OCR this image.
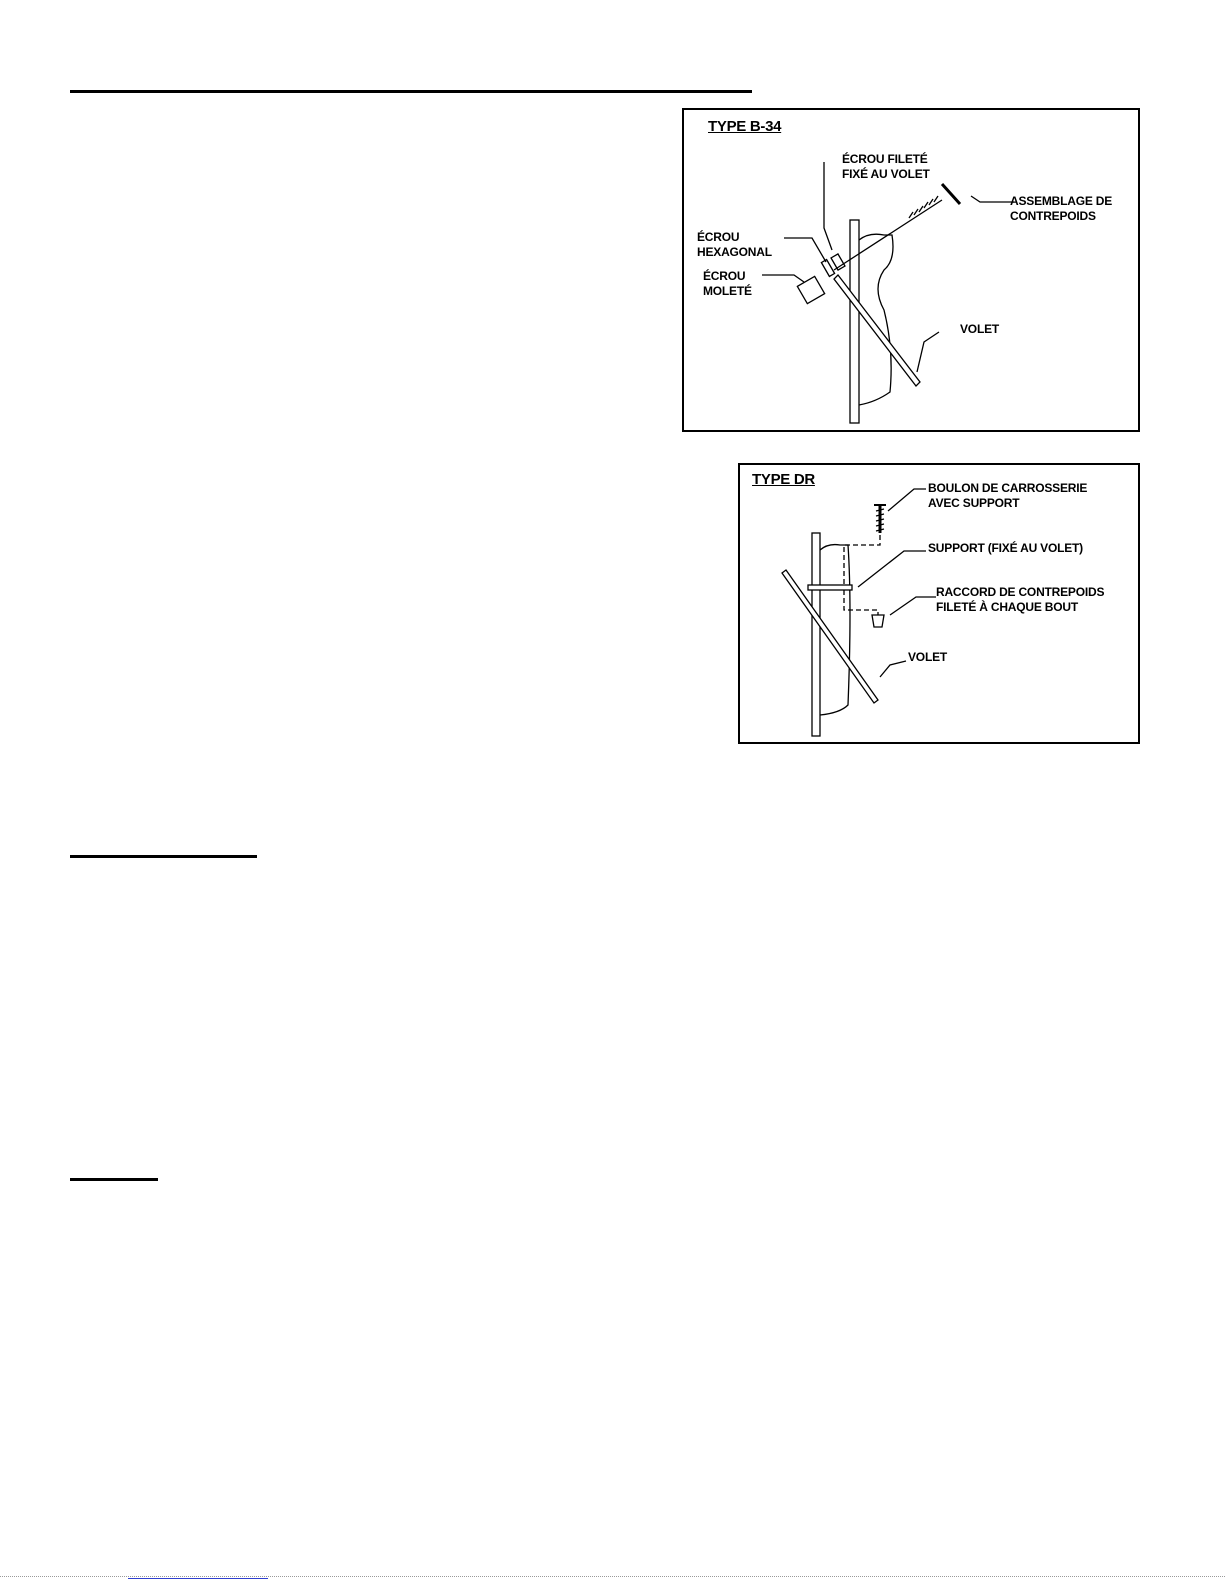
TYPE B-34
ÉCROU FILETÉ
FIXÉ AU VOLET
ASSEMBLAGE DE
CONTREPOIDS
ÉCROU
HEXAGONAL
ÉCROU
MOLETÉ
VOLET
TYPE DR	BOULON DE CARROSSERIE
AVEC SUPPORT
SUPPORT (FIXÉ AU VOLET)
RACCORD DE CONTREPOIDS
FILETÉ À CHAQUE BOUT
VOLET
